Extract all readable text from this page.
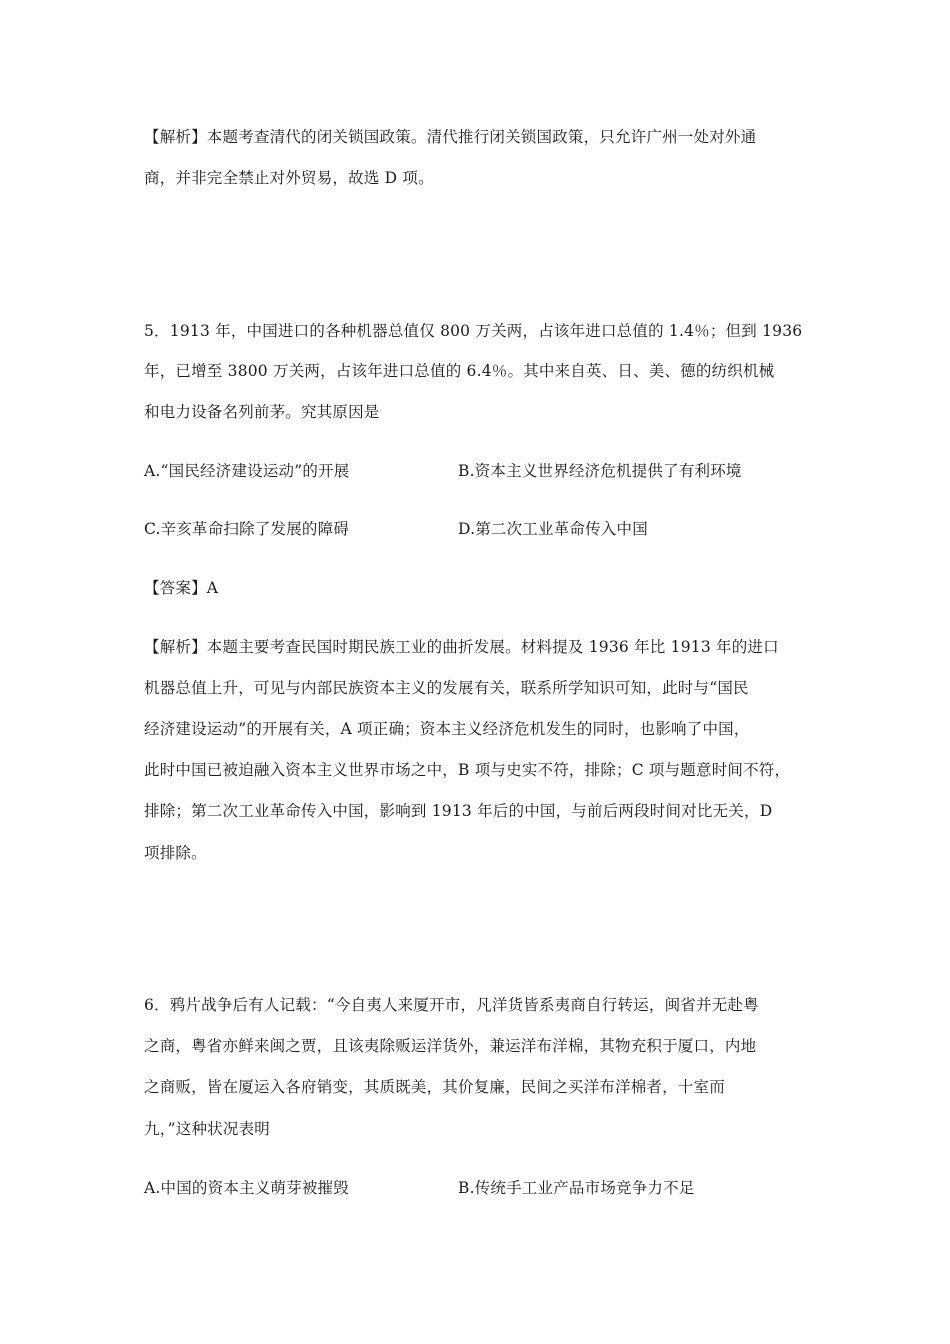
【解析】本题考查清代的闭关锁国政策。清代推行闭关锁国政策，只允许广州一处对外通
商，并非完全禁止对外贸易，故选 D 项。
5．1913 年，中国进口的各种机器总值仅 800 万关两，占该年进口总值的 1.4％；但到 1936
年，已增至 3800 万关两，占该年进口总值的 6.4％。其中来自英、日、美、德的纺织机械
和电力设备名列前茅。究其原因是
A.“国民经济建设运动”的开展	B.资本主义世界经济危机提供了有利环境
C.辛亥革命扫除了发展的障碍	D.第二次工业革命传入中国
【答案】A
【解析】本题主要考查民国时期民族工业的曲折发展。材料提及 1936 年比 1913 年的进口
机器总值上升，可见与内部民族资本主义的发展有关，联系所学知识可知，此时与“国民
经济建设运动”的开展有关，A 项正确；资本主义经济危机发生的同时，也影响了中国，
此时中国已被迫融入资本主义世界市场之中，B 项与史实不符，排除；C 项与题意时间不符，
排除；第二次工业革命传入中国，影响到 1913 年后的中国，与前后两段时间对比无关，D
项排除。
6．鸦片战争后有人记载：“今自夷人来厦开市，凡洋货皆系夷商自行转运，闽省并无赴粤
之商，粤省亦鲜来闽之贾，且该夷除贩运洋货外，兼运洋布洋棉，其物充积于厦口，内地
之商贩，皆在厦运入各府销变，其质既美，其价复廉，民间之买洋布洋棉者，十室而
九，”这种状况表明
A.中国的资本主义萌芽被摧毁	B.传统手工业产品市场竞争力不足
